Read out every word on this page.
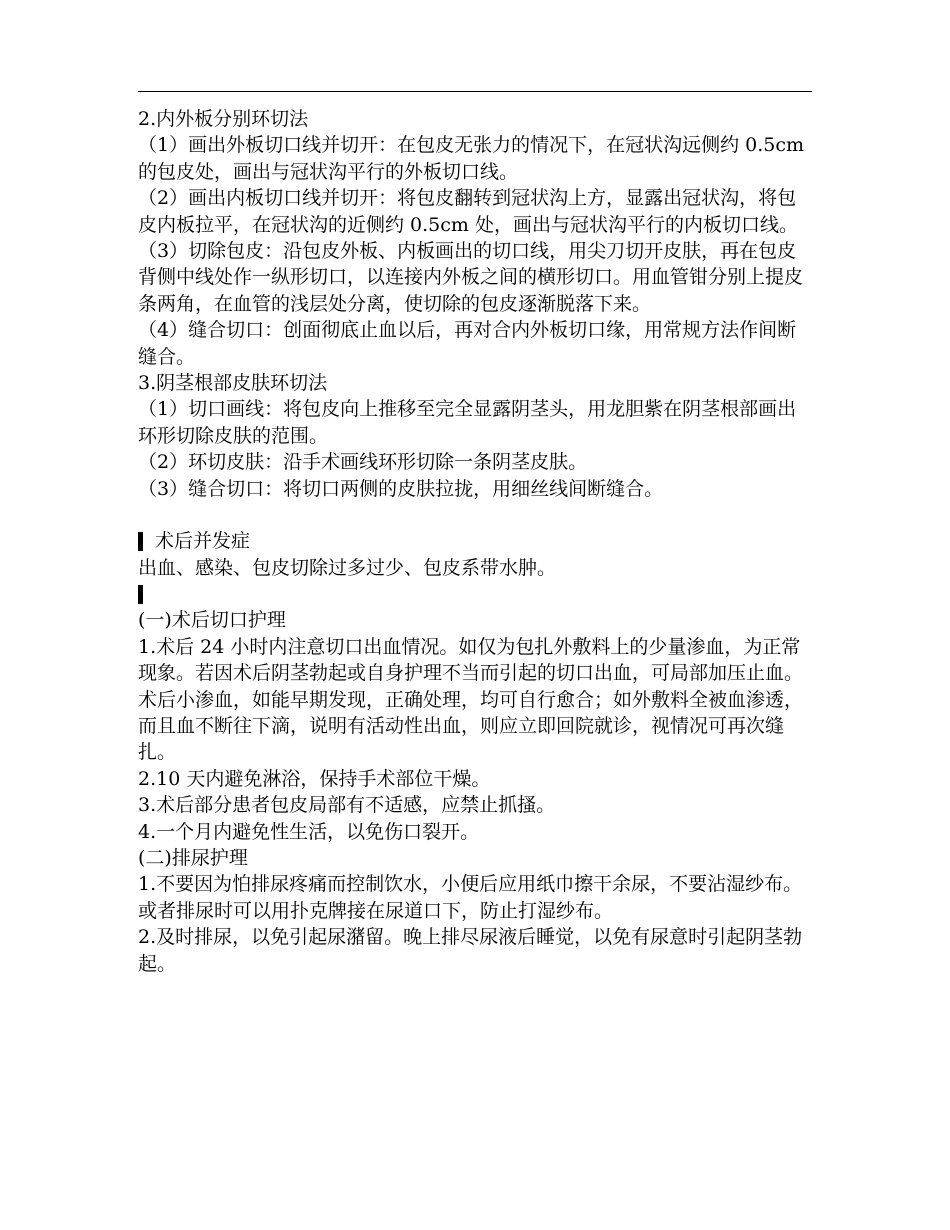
2.内外板分别环切法

（1）画出外板切口线并切开：在包皮无张力的情况下，在冠状沟远侧约 0.5cm 的包皮处，画出与冠状沟平行的外板切口线。

（2）画出内板切口线并切开：将包皮翻转到冠状沟上方，显露出冠状沟，将包皮内板拉平，在冠状沟的近侧约 0.5cm 处，画出与冠状沟平行的内板切口线。

（3）切除包皮：沿包皮外板、内板画出的切口线，用尖刀切开皮肤，再在包皮背侧中线处作一纵形切口，以连接内外板之间的横形切口。用血管钳分别上提皮条两角，在血管的浅层处分离，使切除的包皮逐渐脱落下来。

（4）缝合切口：创面彻底止血以后，再对合内外板切口缘，用常规方法作间断缝合。

3.阴茎根部皮肤环切法

（1）切口画线：将包皮向上推移至完全显露阴茎头，用龙胆紫在阴茎根部画出环形切除皮肤的范围。

（2）环切皮肤：沿手术画线环形切除一条阴茎皮肤。

（3）缝合切口：将切口两侧的皮肤拉拢，用细丝线间断缝合。

术后并发症

出血、感染、包皮切除过多过少、包皮系带水肿。

(一)术后切口护理

1.术后 24 小时内注意切口出血情况。如仅为包扎外敷料上的少量渗血，为正常现象。若因术后阴茎勃起或自身护理不当而引起的切口出血，可局部加压止血。术后小渗血，如能早期发现，正确处理，均可自行愈合；如外敷料全被血渗透，而且血不断往下滴，说明有活动性出血，则应立即回院就诊，视情况可再次缝扎。

2.10 天内避免淋浴，保持手术部位干燥。

3.术后部分患者包皮局部有不适感，应禁止抓搔。

4.一个月内避免性生活，以免伤口裂开。

(二)排尿护理

1.不要因为怕排尿疼痛而控制饮水，小便后应用纸巾擦干余尿，不要沾湿纱布。或者排尿时可以用扑克牌接在尿道口下，防止打湿纱布。

2.及时排尿，以免引起尿潴留。晚上排尽尿液后睡觉，以免有尿意时引起阴茎勃起。
